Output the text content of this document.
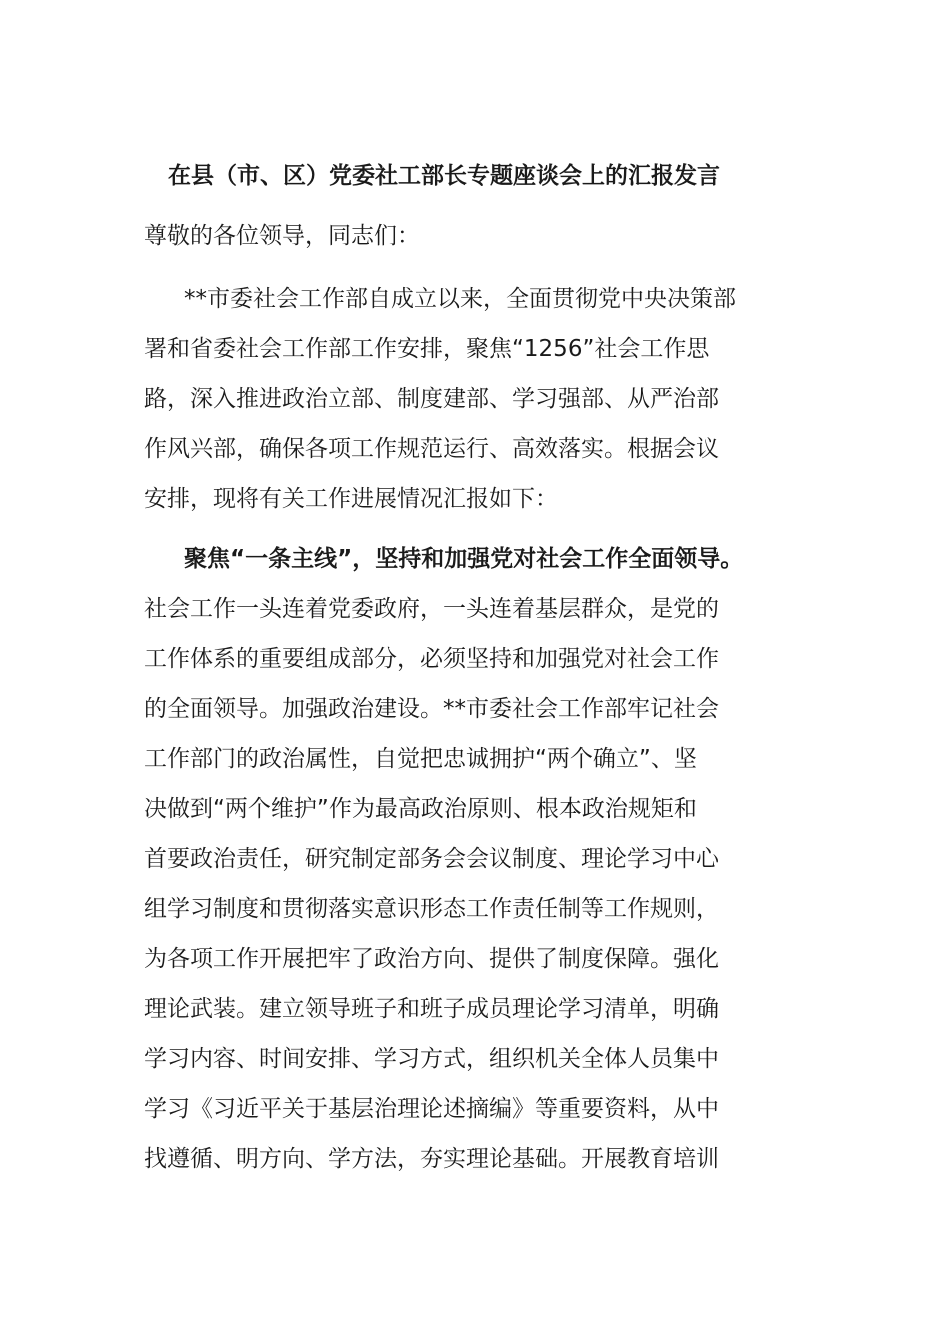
在县（市、区）党委社工部长专题座谈会上的汇报发言
尊敬的各位领导，同志们：
**市委社会工作部自成立以来，全面贯彻党中央决策部
署和省委社会工作部工作安排，聚焦“1256”社会工作思
路，深入推进政治立部、制度建部、学习强部、从严治部
作风兴部，确保各项工作规范运行、高效落实。根据会议
安排，现将有关工作进展情况汇报如下：
聚焦“一条主线”，坚持和加强党对社会工作全面领导。
社会工作一头连着党委政府，一头连着基层群众，是党的
工作体系的重要组成部分，必须坚持和加强党对社会工作
的全面领导。加强政治建设。**市委社会工作部牢记社会
工作部门的政治属性，自觉把忠诚拥护“两个确立”、坚
决做到“两个维护”作为最高政治原则、根本政治规矩和
首要政治责任，研究制定部务会会议制度、理论学习中心
组学习制度和贯彻落实意识形态工作责任制等工作规则，
为各项工作开展把牢了政治方向、提供了制度保障。强化
理论武装。建立领导班子和班子成员理论学习清单，明确
学习内容、时间安排、学习方式，组织机关全体人员集中
学习《习近平关于基层治理论述摘编》等重要资料，从中
找遵循、明方向、学方法，夯实理论基础。开展教育培训
